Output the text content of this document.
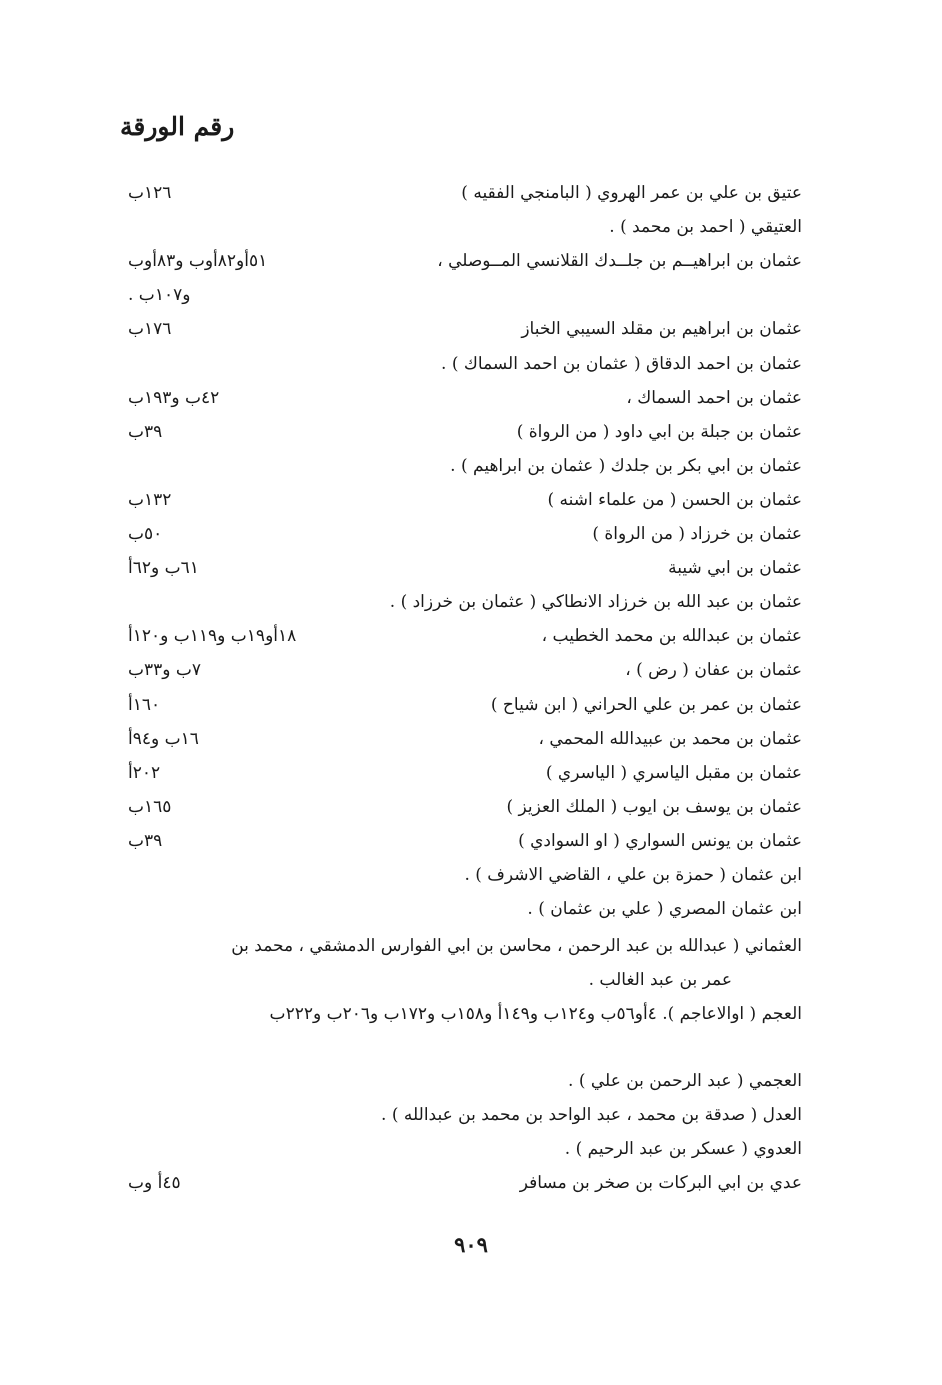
رقم الورقة
عتيق بن علي بن عمر الهروي ( البامنجي الفقيه )
١٢٦ب
العتيقي ( احمد بن محمد ) .
عثمان بن ابراهيــم بن جلــدك القلانسي المــوصلي ،
٥١أو٨٢أوب و٨٣أوب
و١٠٧ب .
عثمان بن ابراهيم بن مقلد السيبي الخباز
١٧٦ب
عثمان بن احمد الدقاق ( عثمان بن احمد السماك ) .
عثمان بن احمد السماك ،
٤٢ب و١٩٣ب
عثمان بن جبلة بن ابي داود ( من الرواة )
٣٩ب
عثمان بن ابي بكر بن جلدك ( عثمان بن ابراهيم ) .
عثمان بن الحسن ( من علماء اشنه )
١٣٢ب
عثمان بن خرزاد ( من الرواة )
٥٠ب
عثمان بن ابي شيبة
٦١ب و٦٢أ
عثمان بن عبد الله بن خرزاد الانطاكي ( عثمان بن خرزاد ) .
عثمان بن عبدالله بن محمد الخطيب ،
١٨أو١٩ب و١١٩ب و١٢٠أ
عثمان بن عفان ( رض ) ،
٧ب و٣٣ب
عثمان بن عمر بن علي الحراني ( ابن شياح )
١٦٠أ
عثمان بن محمد بن عبيدالله المحمي ،
١٦ب و٩٤أ
عثمان بن مقبل الياسري ( الياسري )
٢٠٢أ
عثمان بن يوسف بن ايوب ( الملك العزيز )
١٦٥ب
عثمان بن يونس السواري ( او السوادي )
٣٩ب
ابن عثمان ( حمزة بن علي ، القاضي الاشرف ) .
ابن عثمان المصري ( علي بن عثمان ) .
العثماني ( عبدالله بن عبد الرحمن ، محاسن بن ابي الفوارس الدمشقي ، محمد بن
عمر بن عبد الغالب .
العجم ( اوالاعاجم ). ٤أو٥٦ب و١٢٤ب و١٤٩أ و١٥٨ب و١٧٢ب و٢٠٦ب و٢٢٢ب
العجمي ( عبد الرحمن بن علي ) .
العدل ( صدقة بن محمد ، عبد الواحد بن محمد بن عبدالله ) .
العدوي ( عسكر بن عبد الرحيم ) .
عدي بن ابي البركات بن صخر بن مسافر
٤٥أ وب
٩٠٩
